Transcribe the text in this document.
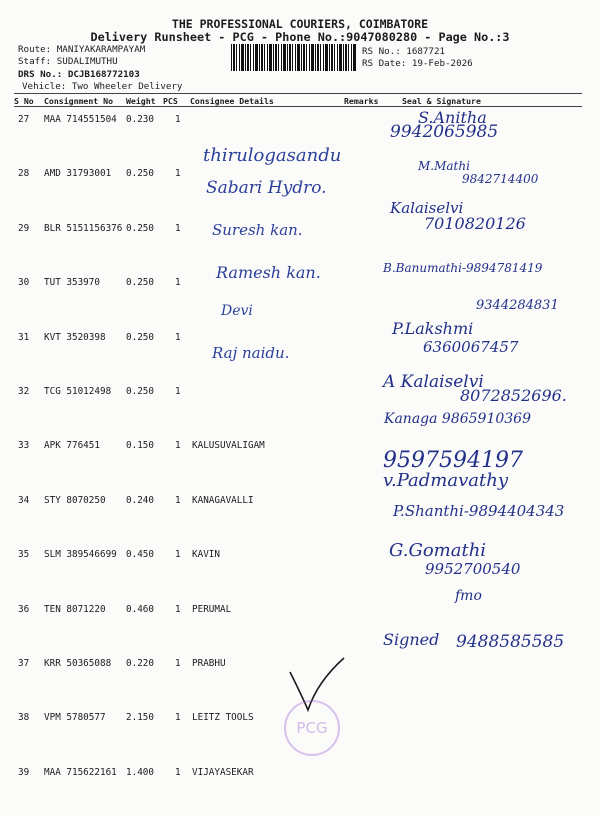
THE PROFESSIONAL COURIERS, COIMBATORE
Delivery Runsheet - PCG - Phone No.:9047080280 - Page No.:3
Route: MANIYAKARAMPAYAM
Staff: SUDALIMUTHU
DRS No.: DCJB168772103
Vehicle: Two Wheeler Delivery
RS No.: 1687721
RS Date: 19-Feb-2026
S No Consignment No Weight PCS Consignee Details	Remarks	Seal & Signature
27 MAA 714551504 0.230 1
28 AMD 31793001 0.250 1
29 BLR 5151156376 0.250 1
30 TUT 353970	0.250 1
31 KVT 3520398 0.250 1
32 TCG 51012498 0.250 1
33 APK 776451	0.150 1 KALUSUVALIGAM
34 STY 8070250 0.240 1 KANAGAVALLI
35 SLM 389546699 0.450 1 KAVIN
36 TEN 8071220 0.460 1 PERUMAL
37 KRR 50365088 0.220 1 PRABHU
38 VPM 5780577 2.150 1 LEITZ TOOLS
39 MAA 715622161 1.400 1 VIJAYASEKAR
PCG
thirulogasandu
9942065985
S.Anitha
Sabari Hydro.
M.Mathi
9842714400
Suresh kan.
Kalaiselvi
7010820126
Ramesh kan.
Devi
B.Banumathi-9894781419
9344284831
Raj naidu.
P.Lakshmi
6360067457
A Kalaiselvi
8072852696.
Kanaga 9865910369
9597594197
v.Padmavathy
P.Shanthi-9894404343
G.Gomathi
9952700540
fmo
Signed 9488585585
